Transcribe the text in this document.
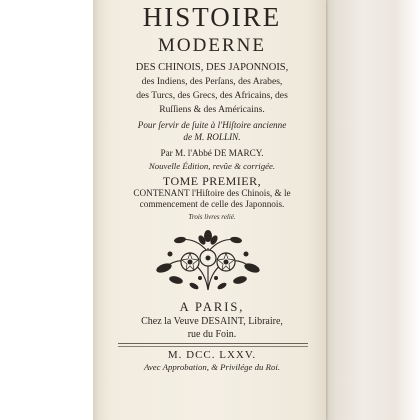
HISTOIRE
MODERNE
DES CHINOIS, DES JAPONNOIS,
des Indiens, des Perſans, des Arabes,
des Turcs, des Grecs, des Africains, des
Ruſſiens & des Américains.
Pour ſervir de ſuite à l'Hiſtoire ancienne
de M. ROLLIN.
Par M. l'Abbé DE MARCY.
Nouvelle Édition, revûe & corrigée.
TOME PREMIER,
CONTENANT l'Hiſtoire des Chinois, & le
commencement de celle des Japonnois.
Trois livres relié.
A PARIS,
Chez la Veuve DESAINT, Libraire,
rue du Foin.
M. DCC. LXXV.
Avec Approbation, & Privilége du Roi.
